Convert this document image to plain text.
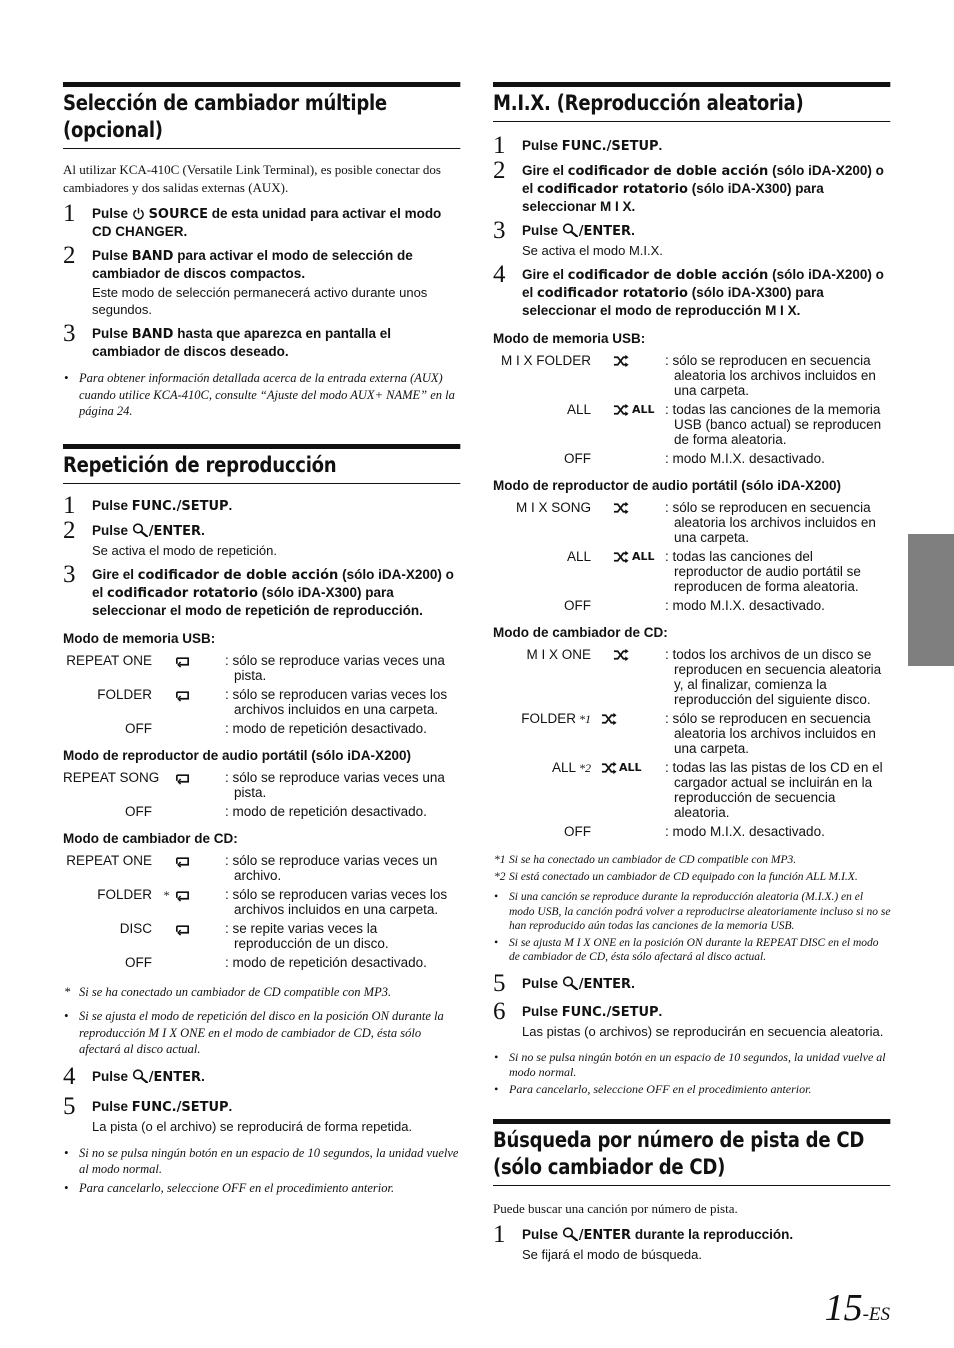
Selección de cambiador múltiple (opcional)
Al utilizar KCA-410C (Versatile Link Terminal), es posible conectar dos cambiadores y dos salidas externas (AUX).
1 Pulse SOURCE de esta unidad para activar el modo CD CHANGER.
2 Pulse BAND para activar el modo de selección de cambiador de discos compactos.
Este modo de selección permanecerá activo durante unos segundos.
3 Pulse BAND hasta que aparezca en pantalla el cambiador de discos deseado.
• Para obtener información detallada acerca de la entrada externa (AUX) cuando utilice KCA-410C, consulte “Ajuste del modo AUX+ NAME” en la página 24.
Repetición de reproducción
1 Pulse FUNC./SETUP.
2 Pulse /ENTER.
Se activa el modo de repetición.
3 Gire el codificador de doble acción (sólo iDA-X200) o el codificador rotatorio (sólo iDA-X300) para seleccionar el modo de repetición de reproducción.
Modo de memoria USB:
REPEAT ONE	: sólo se reproduce varias veces una
pista.
FOLDER	: sólo se reproducen varias veces los
archivos incluidos en una carpeta.
OFF	: modo de repetición desactivado.
Modo de reproductor de audio portátil (sólo iDA-X200)
REPEAT SONG	: sólo se reproduce varias veces una
pista.
OFF	: modo de repetición desactivado.
Modo de cambiador de CD:
REPEAT ONE	: sólo se reproduce varias veces un
archivo.
FOLDER *	: sólo se reproducen varias veces los
archivos incluidos en una carpeta.
DISC	: se repite varias veces la
reproducción de un disco.
OFF	: modo de repetición desactivado.
* Si se ha conectado un cambiador de CD compatible con MP3.
• Si se ajusta el modo de repetición del disco en la posición ON durante la reproducción M I X ONE en el modo de cambiador de CD, ésta sólo afectará al disco actual.
4 Pulse /ENTER.
5 Pulse FUNC./SETUP.
La pista (o el archivo) se reproducirá de forma repetida.
• Si no se pulsa ningún botón en un espacio de 10 segundos, la unidad vuelve al modo normal.
• Para cancelarlo, seleccione OFF en el procedimiento anterior.
M.I.X. (Reproducción aleatoria)
1 Pulse FUNC./SETUP.
2 Gire el codificador de doble acción (sólo iDA-X200) o el codificador rotatorio (sólo iDA-X300) para seleccionar M I X.
3 Pulse /ENTER.
Se activa el modo M.I.X.
4 Gire el codificador de doble acción (sólo iDA-X200) o el codificador rotatorio (sólo iDA-X300) para seleccionar el modo de reproducción M I X.
Modo de memoria USB:
M I X FOLDER	: sólo se reproducen en secuencia
aleatoria los archivos incluidos en una carpeta.
ALL	ALL : todas las canciones de la memoria
USB (banco actual) se reproducen de forma aleatoria.
OFF	: modo M.I.X. desactivado.
Modo de reproductor de audio portátil (sólo iDA-X200)
M I X SONG	: sólo se reproducen en secuencia
aleatoria los archivos incluidos en una carpeta.
ALL	ALL : todas las canciones del
reproductor de audio portátil se reproducen de forma aleatoria.
OFF	: modo M.I.X. desactivado.
Modo de cambiador de CD:
M I X ONE	: todos los archivos de un disco se
reproducen en secuencia aleatoria y, al finalizar, comienza la reproducción del siguiente disco.
FOLDER *1	: sólo se reproducen en secuencia
aleatoria los archivos incluidos en una carpeta.
ALL *2	ALL : todas las las pistas de los CD en el
cargador actual se incluirán en la reproducción de secuencia aleatoria.
OFF	: modo M.I.X. desactivado.
*1 Si se ha conectado un cambiador de CD compatible con MP3.
*2 Si está conectado un cambiador de CD equipado con la función ALL M.I.X.
• Si una canción se reproduce durante la reproducción aleatoria (M.I.X.) en el modo USB, la canción podrá volver a reproducirse aleatoriamente incluso si no se han reproducido aún todas las canciones de la memoria USB.
• Si se ajusta M I X ONE en la posición ON durante la REPEAT DISC en el modo de cambiador de CD, ésta sólo afectará al disco actual.
5 Pulse /ENTER.
6 Pulse FUNC./SETUP.
Las pistas (o archivos) se reproducirán en secuencia aleatoria.
• Si no se pulsa ningún botón en un espacio de 10 segundos, la unidad vuelve al modo normal.
• Para cancelarlo, seleccione OFF en el procedimiento anterior.
Búsqueda por número de pista de CD
(sólo cambiador de CD)
Puede buscar una canción por número de pista.
1 Pulse /ENTER durante la reproducción.
Se fijará el modo de búsqueda.
15-ES
